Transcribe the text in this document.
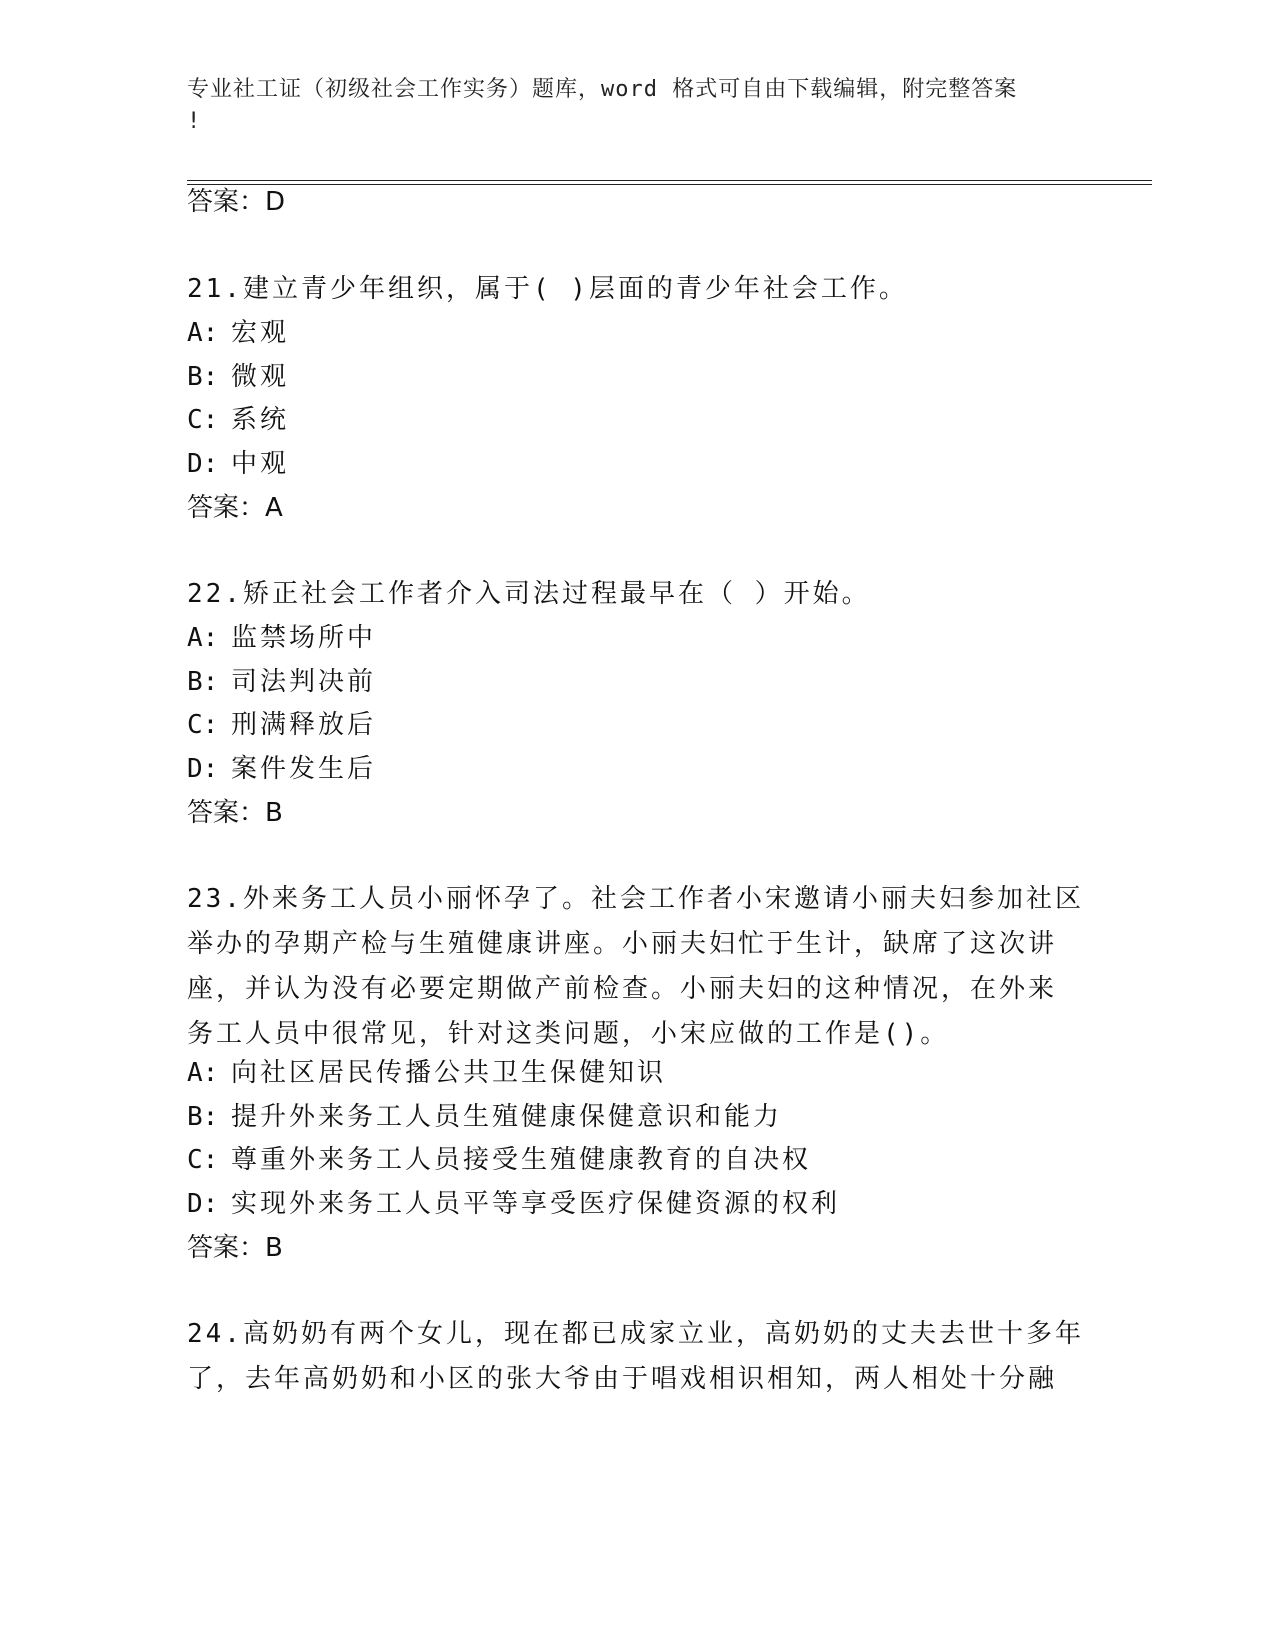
专业社工证（初级社会工作实务）题库，word 格式可自由下载编辑，附完整答案
!
答案：D
21.建立青少年组织，属于( )层面的青少年社会工作。
A: 宏观
B: 微观
C: 系统
D: 中观
答案：A
22.矫正社会工作者介入司法过程最早在（ ）开始。
A: 监禁场所中
B: 司法判决前
C: 刑满释放后
D: 案件发生后
答案：B
23.外来务工人员小丽怀孕了。社会工作者小宋邀请小丽夫妇参加社区
举办的孕期产检与生殖健康讲座。小丽夫妇忙于生计，缺席了这次讲
座，并认为没有必要定期做产前检查。小丽夫妇的这种情况，在外来
务工人员中很常见，针对这类问题，小宋应做的工作是()。
A: 向社区居民传播公共卫生保健知识
B: 提升外来务工人员生殖健康保健意识和能力
C: 尊重外来务工人员接受生殖健康教育的自决权
D: 实现外来务工人员平等享受医疗保健资源的权利
答案：B
24.高奶奶有两个女儿，现在都已成家立业，高奶奶的丈夫去世十多年
了，去年高奶奶和小区的张大爷由于唱戏相识相知，两人相处十分融
